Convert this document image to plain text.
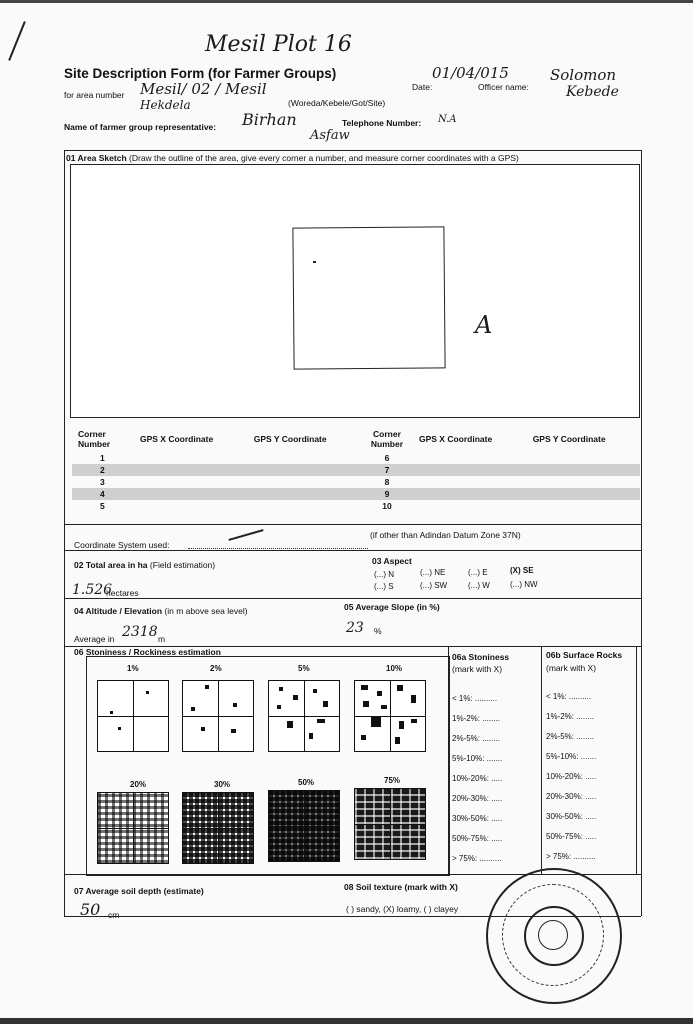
Mesil Plot 16
Site Description Form (for Farmer Groups)
Date:
01/04/015
Officer name:
Solomon
Kebede
for area number Mesil/ 02 / Mesil
Hekdela	(Woreda/Kebele/Got/Site)
Name of farmer group representative: Birhan
Asfaw
Telephone Number: N.A
01 Area Sketch (Draw the outline of the area, give every corner a number, and measure corner coordinates with a GPS)
A
Corner Number	GPS X Coordinate	GPS Y Coordinate	Corner Number	GPS X Coordinate	GPS Y Coordinate
1			6		
2			7		
3			8		
4			9		
5			10		
Coordinate System used:
(if other than Adindan Datum Zone 37N)
02 Total area in ha (Field estimation)
1.526
hectares
03 Aspect
(...) N	(...) NE	(...) E	(X) SE
(...) S	(...) SW	(...) W	(...) NW
04 Altitude / Elevation (in m above sea level)
Average in 2318 m
05 Average Slope (in %)
23 %
06 Stoniness / Rockiness estimation
1%	2%	5%	10%
20%	30%	50%	75%
06a Stoniness
(mark with X)
06b Surface Rocks
(mark with X)
< 1%: ..........
1%-2%: ........
2%-5%: ........
5%-10%: .......
10%-20%: .....
20%-30%: .....
30%-50%: .....
50%-75%: .....
> 75%: ..........
< 1%: ..........
1%-2%: ........
2%-5%: ........
5%-10%: .......
10%-20%: .....
20%-30%: .....
30%-50%: .....
50%-75%: .....
> 75%: ..........
07 Average soil depth (estimate)
50 cm
08 Soil texture (mark with X)
( ) sandy, (X) loamy, ( ) clayey
